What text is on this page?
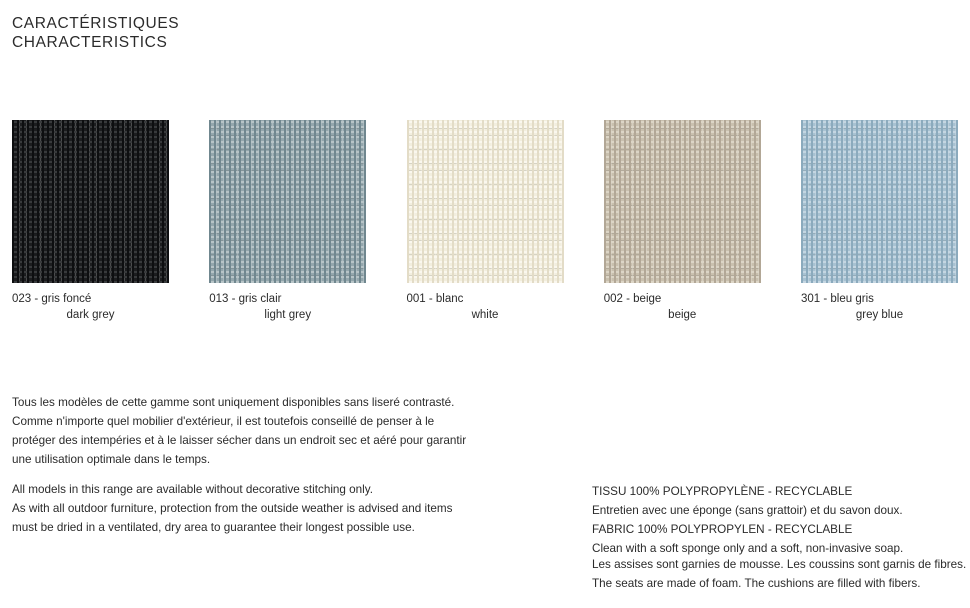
CARACTÉRISTIQUES
CHARACTERISTICS
023 - gris foncé
dark grey
013 - gris clair
light grey
001 - blanc
white
002 - beige
beige
301 - bleu gris
grey blue
Tous les modèles de cette gamme sont uniquement disponibles sans liseré contrasté.
Comme n'importe quel mobilier d'extérieur, il est toutefois conseillé de penser à le
protéger des intempéries et à le laisser sécher dans un endroit sec et aéré pour garantir
une utilisation optimale dans le temps.
All models in this range are available without decorative stitching only.
As with all outdoor furniture, protection from the outside weather is advised and items
must be dried in a ventilated, dry area to guarantee their longest possible use.
TISSU 100% POLYPROPYLÈNE - RECYCLABLE
Entretien avec une éponge (sans grattoir) et du savon doux.
FABRIC 100% POLYPROPYLEN - RECYCLABLE
Clean with a soft sponge only and a soft, non-invasive soap.
Les assises sont garnies de mousse. Les coussins sont garnis de fibres.
The seats are made of foam. The cushions are filled with fibers.
